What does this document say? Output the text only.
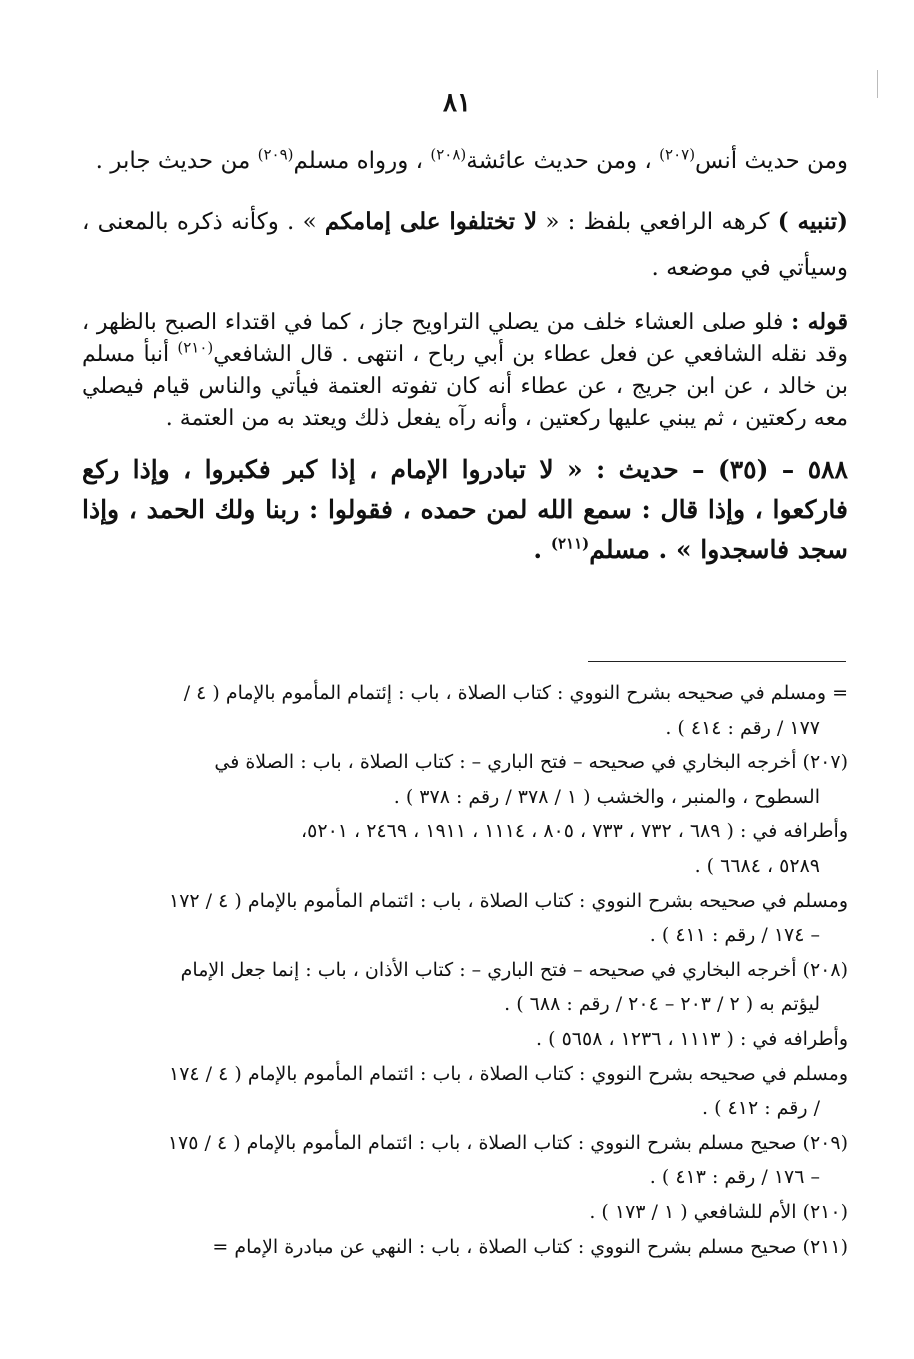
٨١

ومن حديث أنس$^{(٢٠٧)}$ ، ومن حديث عائشة$^{(٢٠٨)}$ ، ورواه مسلم$^{(٢٠٩)}$ من حديث جابر .

(تنبيه ) كرهه الرافعي بلفظ : « لا تختلفوا على إمامكم » . وكأنه ذكره بالمعنى ، وسيأتي في موضعه .

قوله : فلو صلى العشاء خلف من يصلي التراويح جاز ، كما في اقتداء الصبح بالظهر ، وقد نقله الشافعي عن فعل عطاء بن أبي رباح ، انتهى . قال الشافعي$^{(٢١٠)}$ أنبأ مسلم بن خالد ، عن ابن جريج ، عن عطاء أنه كان تفوته العتمة فيأتي والناس قيام فيصلي معه ركعتين ، ثم يبني عليها ركعتين ، وأنه رآه يفعل ذلك ويعتد به من العتمة .

٥٨٨ – (٣٥) – حديث : « لا تبادروا الإمام ، إذا كبر فكبروا ، وإذا ركع فاركعوا ، وإذا قال : سمع الله لمن حمده ، فقولوا : ربنا ولك الحمد ، وإذا سجد فاسجدوا » . مسلم$^{(٢١١)}$ .

= ومسلم في صحيحه بشرح النووي : كتاب الصلاة ، باب : إئتمام المأموم بالإمام ( ٤ /
١٧٧ / رقم : ٤١٤ ) .

(٢٠٧) أخرجه البخاري في صحيحه – فتح الباري – : كتاب الصلاة ، باب : الصلاة في
السطوح ، والمنبر ، والخشب ( ١ / ٣٧٨ / رقم : ٣٧٨ ) .

وأطرافه في : ( ٦٨٩ ، ٧٣٢ ، ٧٣٣ ، ٨٠٥ ، ١١١٤ ، ١٩١١ ، ٢٤٦٩ ، ٥٢٠١،
٥٢٨٩ ، ٦٦٨٤ ) .

ومسلم في صحيحه بشرح النووي : كتاب الصلاة ، باب : ائتمام المأموم بالإمام ( ٤ / ١٧٢
– ١٧٤ / رقم : ٤١١ ) .

(٢٠٨) أخرجه البخاري في صحيحه – فتح الباري – : كتاب الأذان ، باب : إنما جعل الإمام
ليؤتم به ( ٢ / ٢٠٣ – ٢٠٤ / رقم : ٦٨٨ ) .

وأطرافه في : ( ١١١٣ ، ١٢٣٦ ، ٥٦٥٨ ) .

ومسلم في صحيحه بشرح النووي : كتاب الصلاة ، باب : ائتمام المأموم بالإمام ( ٤ / ١٧٤
/ رقم : ٤١٢ ) .

(٢٠٩) صحيح مسلم بشرح النووي : كتاب الصلاة ، باب : ائتمام المأموم بالإمام ( ٤ / ١٧٥
– ١٧٦ / رقم : ٤١٣ ) .

(٢١٠) الأم للشافعي ( ١ / ١٧٣ ) .

(٢١١) صحيح مسلم بشرح النووي : كتاب الصلاة ، باب : النهي عن مبادرة الإمام =
